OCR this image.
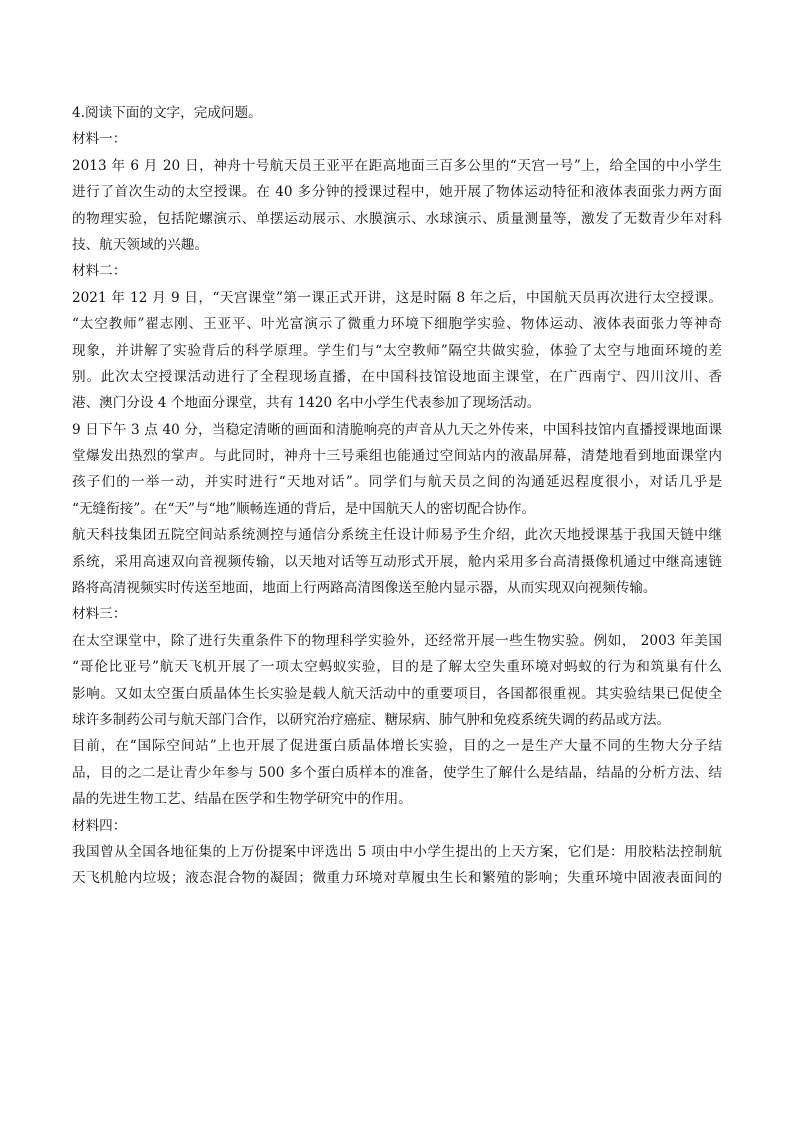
4.阅读下面的文字，完成问题。
材料一：
2013 年 6 月 20 日，神舟十号航天员王亚平在距高地面三百多公里的“天宫一号”上，给全国的中小学生
进行了首次生动的太空授课。在 40 多分钟的授课过程中，她开展了物体运动特征和液体表面张力两方面
的物理实验，包括陀螺演示、单摆运动展示、水膜演示、水球演示、质量测量等，激发了无数青少年对科
技、航天领域的兴趣。
材料二：
2021 年 12 月 9 日，“天宫课堂”第一课正式开讲，这是时隔 8 年之后，中国航天员再次进行太空授课。
“太空教师”翟志刚、王亚平、叶光富演示了微重力环境下细胞学实验、物体运动、液体表面张力等神奇
现象，并讲解了实验背后的科学原理。学生们与“太空教师”隔空共做实验，体验了太空与地面环境的差
别。此次太空授课活动进行了全程现场直播，在中国科技馆设地面主课堂，在广西南宁、四川汶川、香
港、澳门分设 4 个地面分课堂，共有 1420 名中小学生代表参加了现场活动。
9 日下午 3 点 40 分，当稳定清晰的画面和清脆响亮的声音从九天之外传来，中国科技馆内直播授课地面课
堂爆发出热烈的掌声。与此同时，神舟十三号乘组也能通过空间站内的液晶屏幕，清楚地看到地面课堂内
孩子们的一举一动，并实时进行“天地对话”。同学们与航天员之间的沟通延迟程度很小，对话几乎是
“无缝衔接”。在“天”与“地”顺畅连通的背后，是中国航天人的密切配合协作。
航天科技集团五院空间站系统测控与通信分系统主任设计师易予生介绍，此次天地授课基于我国天链中继
系统，采用高速双向音视频传输，以天地对话等互动形式开展，舱内采用多台高清摄像机通过中继高速链
路将高清视频实时传送至地面，地面上行两路高清图像送至舱内显示器，从而实现双向视频传输。
材料三：
在太空课堂中，除了进行失重条件下的物理科学实验外，还经常开展一些生物实验。例如， 2003 年美国
“哥伦比亚号”航天飞机开展了一项太空蚂蚁实验，目的是了解太空失重环境对蚂蚁的行为和筑巢有什么
影响。又如太空蛋白质晶体生长实验是载人航天活动中的重要项目，各国都很重视。其实验结果已促使全
球许多制药公司与航天部门合作，以研究治疗癌症、糖尿病、肺气肿和免疫系统失调的药品或方法。
目前，在“国际空间站”上也开展了促进蛋白质晶体增长实验，目的之一是生产大量不同的生物大分子结
品，目的之二是让青少年参与 500 多个蛋白质样本的准备，使学生了解什么是结晶，结晶的分析方法、结
晶的先进生物工艺、结晶在医学和生物学研究中的作用。
材料四：
我国曾从全国各地征集的上万份提案中评选出 5 项由中小学生提出的上天方案，它们是：用胶粘法控制航
天飞机舱内垃圾；液态混合物的凝固；微重力环境对草履虫生长和繁殖的影响；失重环境中固液表面间的
